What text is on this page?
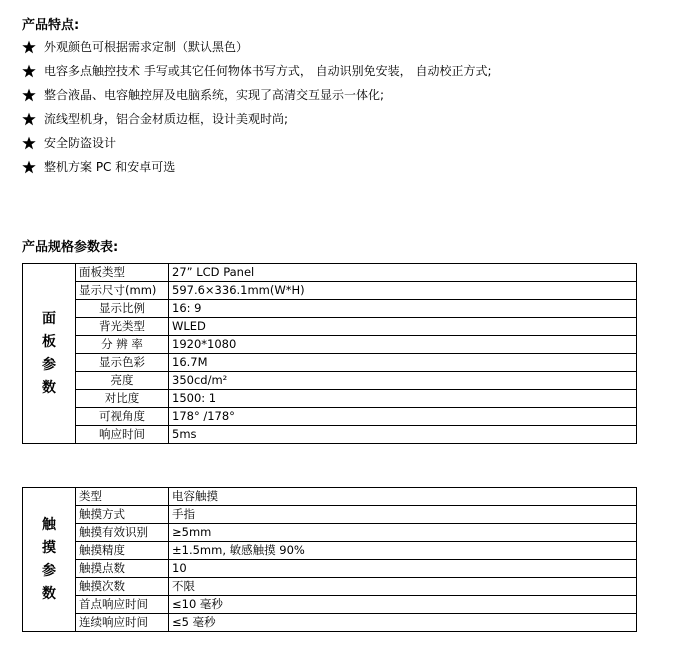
产品特点:
外观颜色可根据需求定制（默认黑色）
电容多点触控技术 手写或其它任何物体书写方式， 自动识别免安装， 自动校正方式;
整合液晶、电容触控屏及电脑系统，实现了高清交互显示一体化;
流线型机身，铝合金材质边框，设计美观时尚;
安全防盗设计
整机方案 PC 和安卓可选
产品规格参数表:
面
板
参
数	面板类型	27” LCD Panel
	显示尺寸(mm)	597.6×336.1mm(W*H)
	显示比例	16: 9
	背光类型	WLED
	分 辨 率	1920*1080
	显示色彩	16.7M
	亮度	350cd/m²
	对比度	1500: 1
	可视角度	178° /178°
	响应时间	5ms
触
摸
参
数	类型	电容触摸
	触摸方式	手指
	触摸有效识别	≥5mm
	触摸精度	±1.5mm, 敏感触摸 90%
	触摸点数	10
	触摸次数	不限
	首点响应时间	≤10 毫秒
	连续响应时间	≤5 毫秒
